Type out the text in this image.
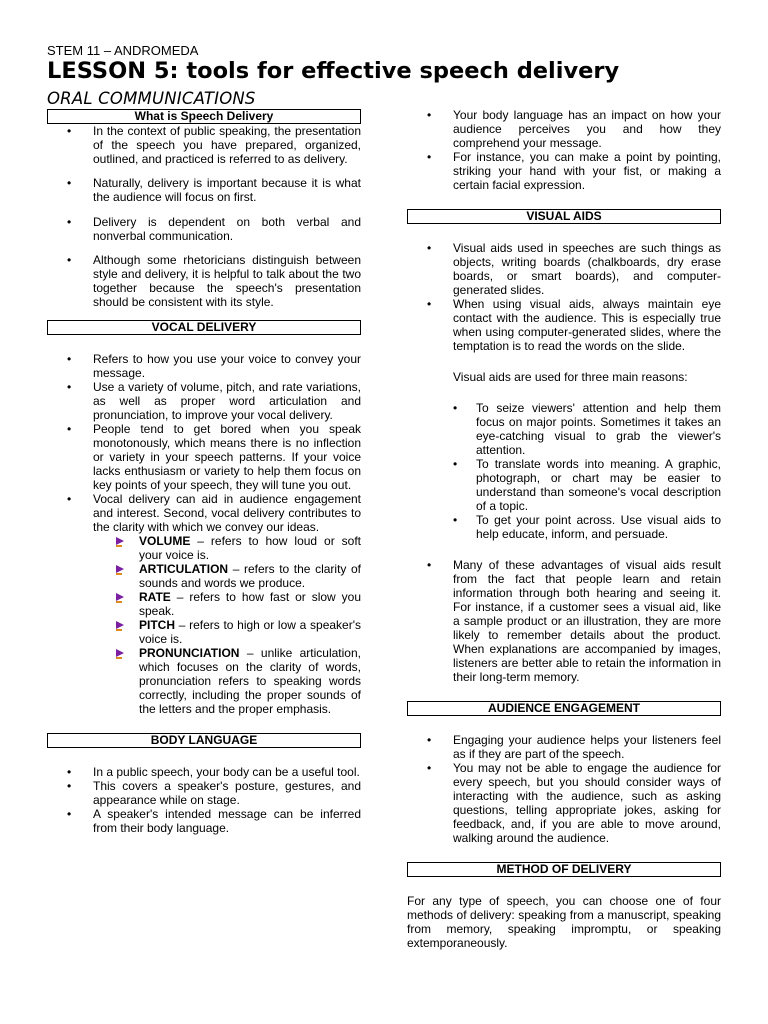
STEM 11 – ANDROMEDA
LESSON 5: tools for effective speech delivery
ORAL COMMUNICATIONS
What is Speech Delivery
• In the context of public speaking, the presentation of the speech you have prepared, organized, outlined, and practiced is referred to as delivery.
• Naturally, delivery is important because it is what the audience will focus on first.
• Delivery is dependent on both verbal and nonverbal communication.
• Although some rhetoricians distinguish between style and delivery, it is helpful to talk about the two together because the speech's presentation should be consistent with its style.
VOCAL DELIVERY
• Refers to how you use your voice to convey your message.
• Use a variety of volume, pitch, and rate variations, as well as proper word articulation and pronunciation, to improve your vocal delivery.
• People tend to get bored when you speak monotonously, which means there is no inflection or variety in your speech patterns. If your voice lacks enthusiasm or variety to help them focus on key points of your speech, they will tune you out.
• Vocal delivery can aid in audience engagement and interest. Second, vocal delivery contributes to the clarity with which we convey our ideas.
VOLUME – refers to how loud or soft your voice is.
ARTICULATION – refers to the clarity of sounds and words we produce.
RATE – refers to how fast or slow you speak.
PITCH – refers to high or low a speaker's voice is.
PRONUNCIATION – unlike articulation, which focuses on the clarity of words, pronunciation refers to speaking words correctly, including the proper sounds of the letters and the proper emphasis.
BODY LANGUAGE
• In a public speech, your body can be a useful tool.
• This covers a speaker's posture, gestures, and appearance while on stage.
• A speaker's intended message can be inferred from their body language.
• Your body language has an impact on how your audience perceives you and how they comprehend your message.
• For instance, you can make a point by pointing, striking your hand with your fist, or making a certain facial expression.
VISUAL AIDS
• Visual aids used in speeches are such things as objects, writing boards (chalkboards, dry erase boards, or smart boards), and computer-generated slides.
• When using visual aids, always maintain eye contact with the audience. This is especially true when using computer-generated slides, where the temptation is to read the words on the slide.
Visual aids are used for three main reasons:
• To seize viewers' attention and help them focus on major points. Sometimes it takes an eye-catching visual to grab the viewer's attention.
• To translate words into meaning. A graphic, photograph, or chart may be easier to understand than someone's vocal description of a topic.
• To get your point across. Use visual aids to help educate, inform, and persuade.
• Many of these advantages of visual aids result from the fact that people learn and retain information through both hearing and seeing it. For instance, if a customer sees a visual aid, like a sample product or an illustration, they are more likely to remember details about the product. When explanations are accompanied by images, listeners are better able to retain the information in their long-term memory.
AUDIENCE ENGAGEMENT
• Engaging your audience helps your listeners feel as if they are part of the speech.
• You may not be able to engage the audience for every speech, but you should consider ways of interacting with the audience, such as asking questions, telling appropriate jokes, asking for feedback, and, if you are able to move around, walking around the audience.
METHOD OF DELIVERY
For any type of speech, you can choose one of four methods of delivery: speaking from a manuscript, speaking from memory, speaking impromptu, or speaking extemporaneously.
